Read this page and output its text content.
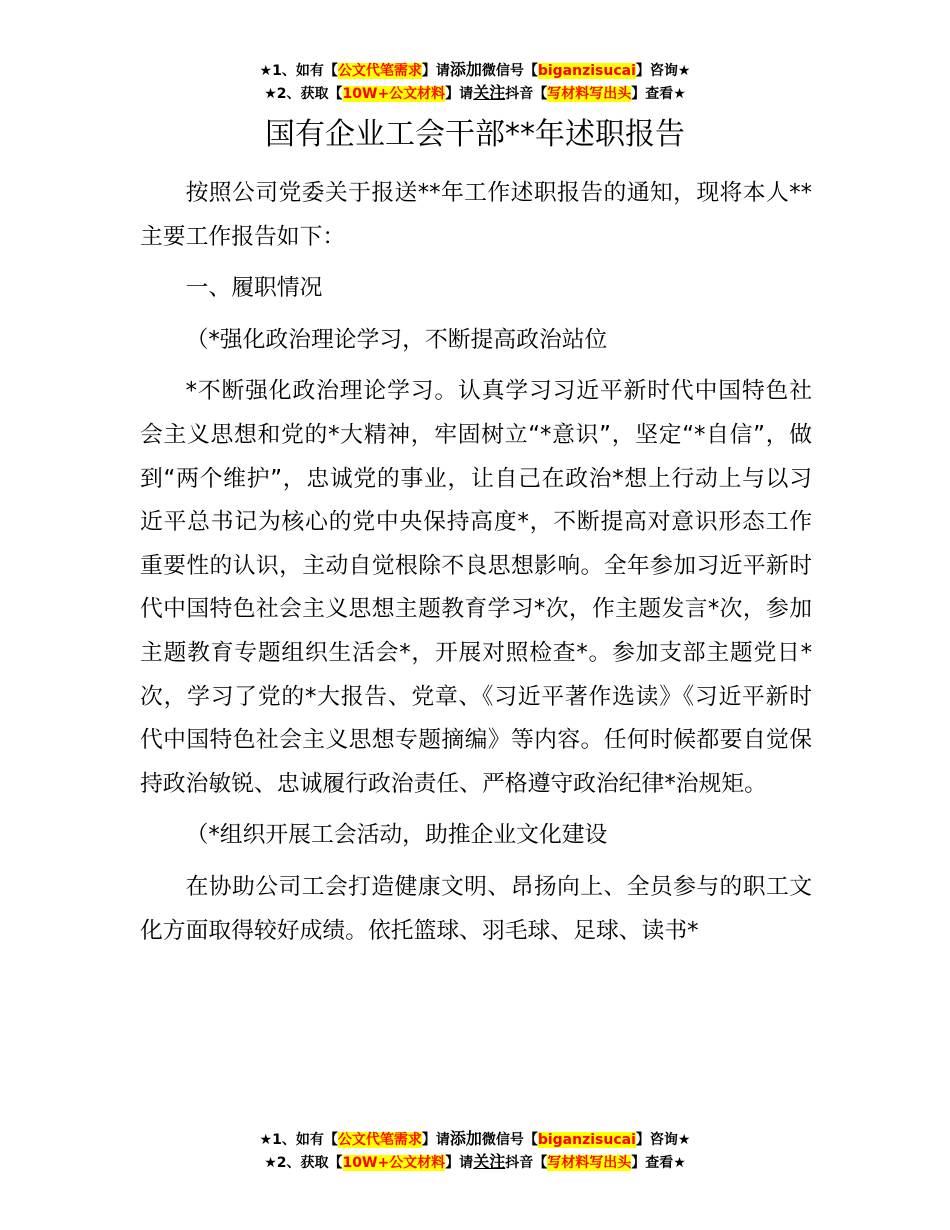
★1、如有【公文代笔需求】请添加微信号【biganzisucai】咨询★
★2、获取【10W+公文材料】请关注抖音【写材料写出头】查看★
国有企业工会干部**年述职报告

按照公司党委关于报送**年工作述职报告的通知，现将本人**主要工作报告如下：

一、履职情况

（*强化政治理论学习，不断提高政治站位

*不断强化政治理论学习。认真学习习近平新时代中国特色社会主义思想和党的*大精神，牢固树立“*意识”，坚定“*自信”，做到“两个维护”，忠诚党的事业，让自己在政治*想上行动上与以习近平总书记为核心的党中央保持高度*，不断提高对意识形态工作重要性的认识，主动自觉根除不良思想影响。全年参加习近平新时代中国特色社会主义思想主题教育学习*次，作主题发言*次，参加主题教育专题组织生活会*，开展对照检查*。参加支部主题党日*次，学习了党的*大报告、党章、《习近平著作选读》《习近平新时代中国特色社会主义思想专题摘编》等内容。任何时候都要自觉保持政治敏锐、忠诚履行政治责任、严格遵守政治纪律*治规矩。

（*组织开展工会活动，助推企业文化建设

在协助公司工会打造健康文明、昂扬向上、全员参与的职工文化方面取得较好成绩。依托篮球、羽毛球、足球、读书*

★1、如有【公文代笔需求】请添加微信号【biganzisucai】咨询★
★2、获取【10W+公文材料】请关注抖音【写材料写出头】查看★
